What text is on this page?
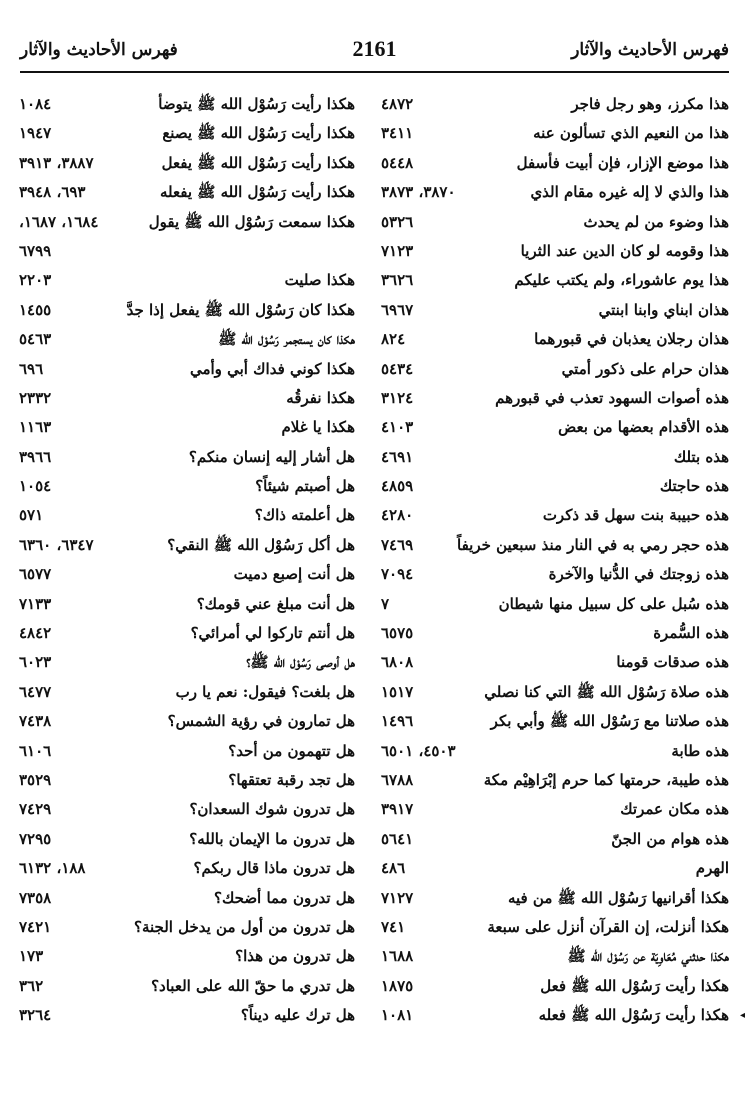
فهرس الأحاديث والآثار
2161
فهرس الأحاديث والآثار
هذا مكرز، وهو رجل فاجر
٤٨٧٢
هذا من النعيم الذي تسألون عنه
٣٤١١
هذا موضع الإزار، فإن أبيت فأسفل
٥٤٤٨
هذا والذي لا إله غيره مقام الذي
٣٨٧٠، ٣٨٧٣
هذا وضوء من لم يحدث
٥٣٢٦
هذا وقومه لو كان الدين عند الثريا
٧١٢٣
هذا يوم عاشوراء، ولم يكتب عليكم
٣٦٢٦
هذان ابناي وابنا ابنتي
٦٩٦٧
هذان رجلان يعذبان في قبورهما
٨٢٤
هذان حرام على ذكور أمتي
٥٤٣٤
هذه أصوات السهود تعذب في قبورهم
٣١٢٤
هذه الأقدام بعضها من بعض
٤١٠٣
هذه بتلك
٤٦٩١
هذه حاجتك
٤٨٥٩
هذه حبيبة بنت سهل قد ذكرت
٤٢٨٠
هذه حجر رمي به في النار منذ سبعين خريفاً
٧٤٦٩
هذه زوجتك في الدُّنيا والآخرة
٧٠٩٤
هذه سُبل على كل سبيل منها شيطان
٧
هذه السُّمرة
٦٥٧٥
هذه صدقات قومنا
٦٨٠٨
هذه صلاة رَسُوْل الله ﷺ التي كنا نصلي
١٥١٧
هذه صلاتنا مع رَسُوْل الله ﷺ وأبي بكر
١٤٩٦
هذه طابة
٤٥٠٣، ٦٥٠١
هذه طيبة، حرمتها كما حرم إبْرَاهِيْم مكة
٦٧٨٨
هذه مكان عمرتك
٣٩١٧
هذه هوام من الجنّ
٥٦٤١
الهرم
٤٨٦
هكذا أقرانيها رَسُوْل الله ﷺ من فيه
٧١٢٧
هكذا أنزلت، إن القرآن أنزل على سبعة
٧٤١
هكذا حدثني مُعَاوِيَة عن رَسُوْل الله ﷺ
١٦٨٨
هكذا رأيت رَسُوْل الله ﷺ فعل
١٨٧٥
هكذا رأيت رَسُوْل الله ﷺ فعله
١٠٨١
هكذا رأيت رَسُوْل الله ﷺ يتوضأ
١٠٨٤
هكذا رأيت رَسُوْل الله ﷺ يصنع
١٩٤٧
هكذا رأيت رَسُوْل الله ﷺ يفعل
٣٨٨٧، ٣٩١٣
هكذا رأيت رَسُوْل الله ﷺ يفعله
٦٩٣، ٣٩٤٨
هكذا سمعت رَسُوْل الله ﷺ يقول
١٦٨٤، ١٦٨٧،
٦٧٩٩
هكذا صليت
٢٢٠٣
هكذا كان رَسُوْل الله ﷺ يفعل إذا جدَّ
١٤٥٥
هكذا كان يستجمر رَسُوْل الله ﷺ
٥٤٦٣
هكذا كوني فداك أبي وأمي
٦٩٦
هكذا نفرقُه
٢٣٣٢
هكذا يا غلام
١١٦٣
هل أشار إليه إنسان منكم؟
٣٩٦٦
هل أصبتم شيئاً؟
١٠٥٤
هل أعلمته ذاك؟
٥٧١
هل أكل رَسُوْل الله ﷺ النقي؟
٦٣٤٧، ٦٣٦٠
هل أنت إصبع دميت
٦٥٧٧
هل أنت مبلغ عني قومك؟
٧١٣٣
هل أنتم تاركوا لي أمرائي؟
٤٨٤٢
هل أوصى رَسُوْل الله ﷺ؟
٦٠٢٣
هل بلغت؟ فيقول: نعم يا رب
٦٤٧٧
هل تمارون في رؤية الشمس؟
٧٤٣٨
هل تتهمون من أحد؟
٦١٠٦
هل تجد رقبة تعتقها؟
٣٥٢٩
هل تدرون شوك السعدان؟
٧٤٢٩
هل تدرون ما الإيمان بالله؟
٧٢٩٥
هل تدرون ماذا قال ربكم؟
١٨٨، ٦١٣٢
هل تدرون مما أضحك؟
٧٣٥٨
هل تدرون من أول من يدخل الجنة؟
٧٤٢١
هل تدرون من هذا؟
١٧٣
هل تدري ما حقّ الله على العباد؟
٣٦٢
هل ترك عليه ديناً؟
٣٢٦٤	◂
